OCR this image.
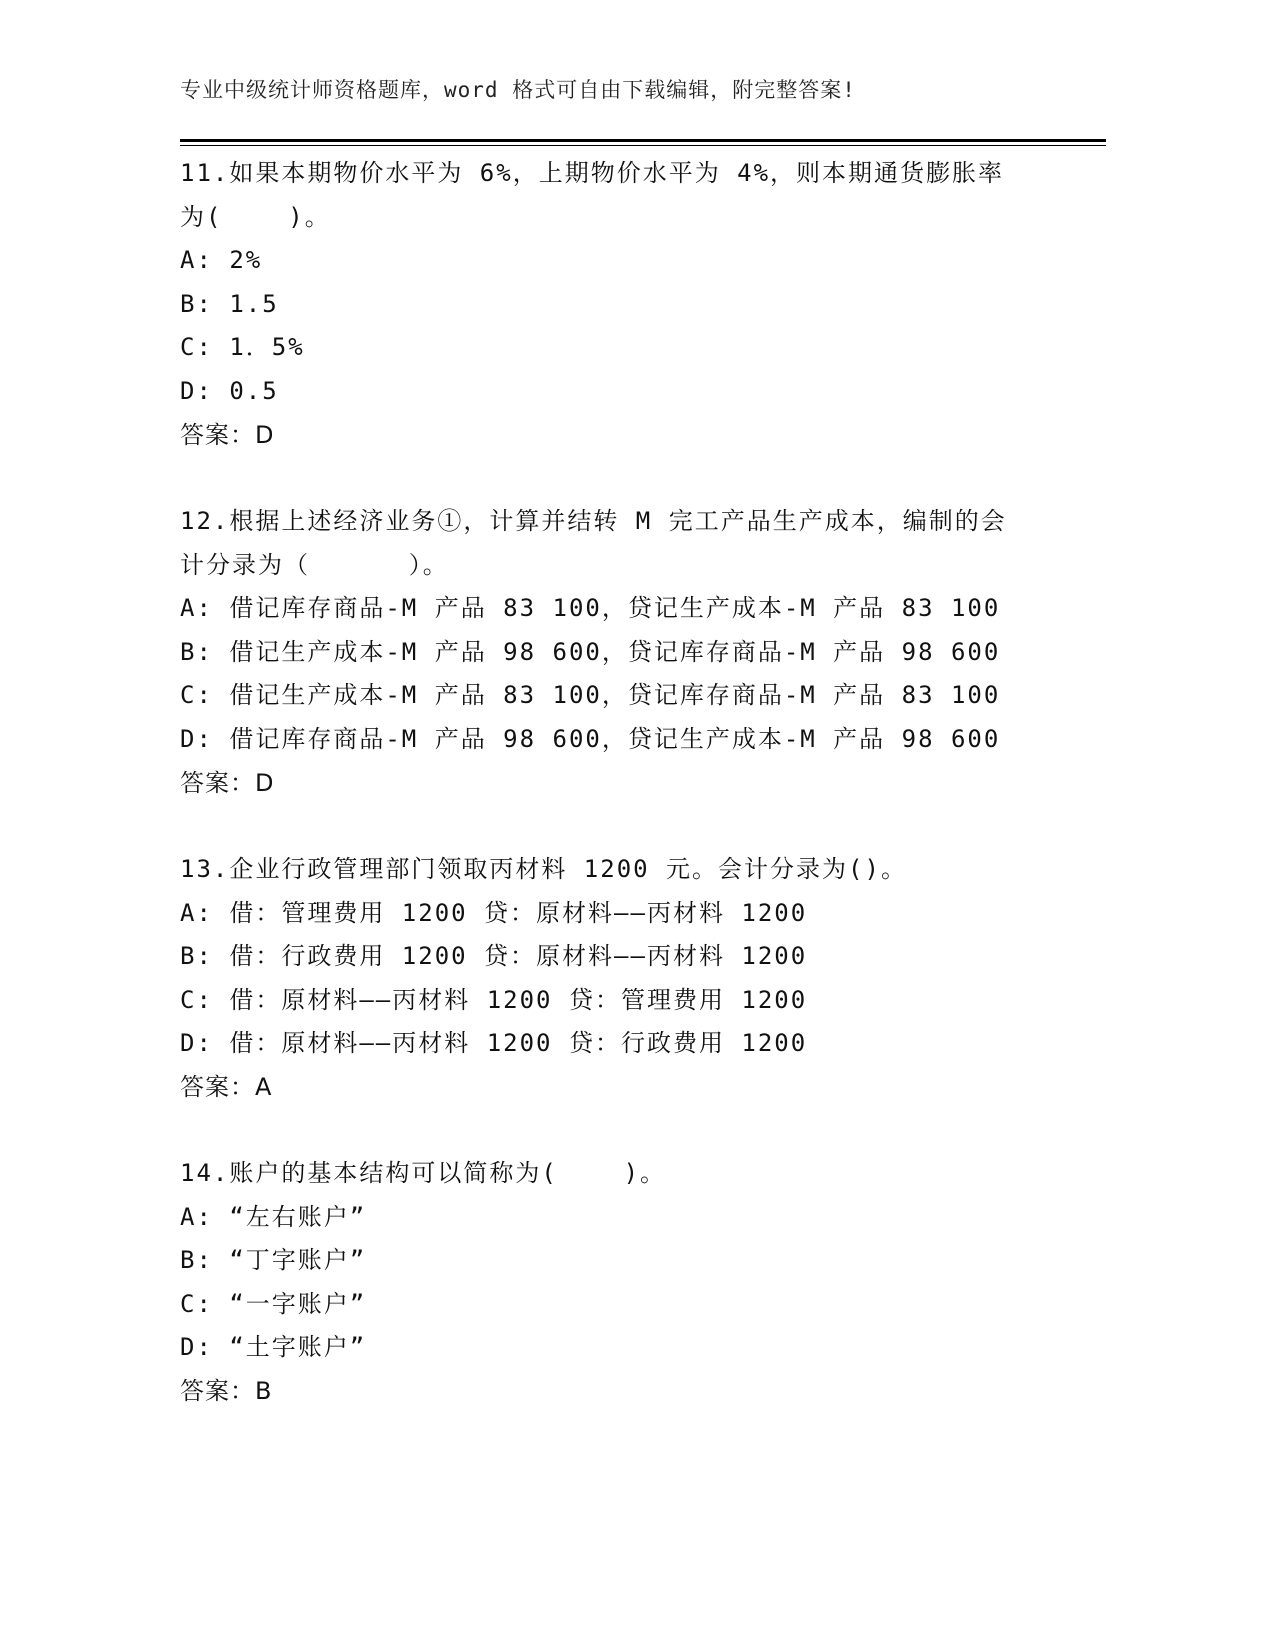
专业中级统计师资格题库，word 格式可自由下载编辑，附完整答案!
11.如果本期物价水平为 6%，上期物价水平为 4%，则本期通货膨胀率
为(    )。
A: 2%
B: 1.5
C: 1．5%
D: 0.5
答案：D
12.根据上述经济业务①，计算并结转 M 完工产品生产成本，编制的会
计分录为（      ）。
A: 借记库存商品-M 产品 83 100，贷记生产成本-M 产品 83 100
B: 借记生产成本-M 产品 98 600，贷记库存商品-M 产品 98 600
C: 借记生产成本-M 产品 83 100，贷记库存商品-M 产品 83 100
D: 借记库存商品-M 产品 98 600，贷记生产成本-M 产品 98 600
答案：D
13.企业行政管理部门领取丙材料 1200 元。会计分录为()。
A: 借：管理费用 1200 贷：原材料——丙材料 1200
B: 借：行政费用 1200 贷：原材料——丙材料 1200
C: 借：原材料——丙材料 1200 贷：管理费用 1200
D: 借：原材料——丙材料 1200 贷：行政费用 1200
答案：A
14.账户的基本结构可以简称为(    )。
A: “左右账户”
B: “丁字账户”
C: “一字账户”
D: “土字账户”
答案：B
